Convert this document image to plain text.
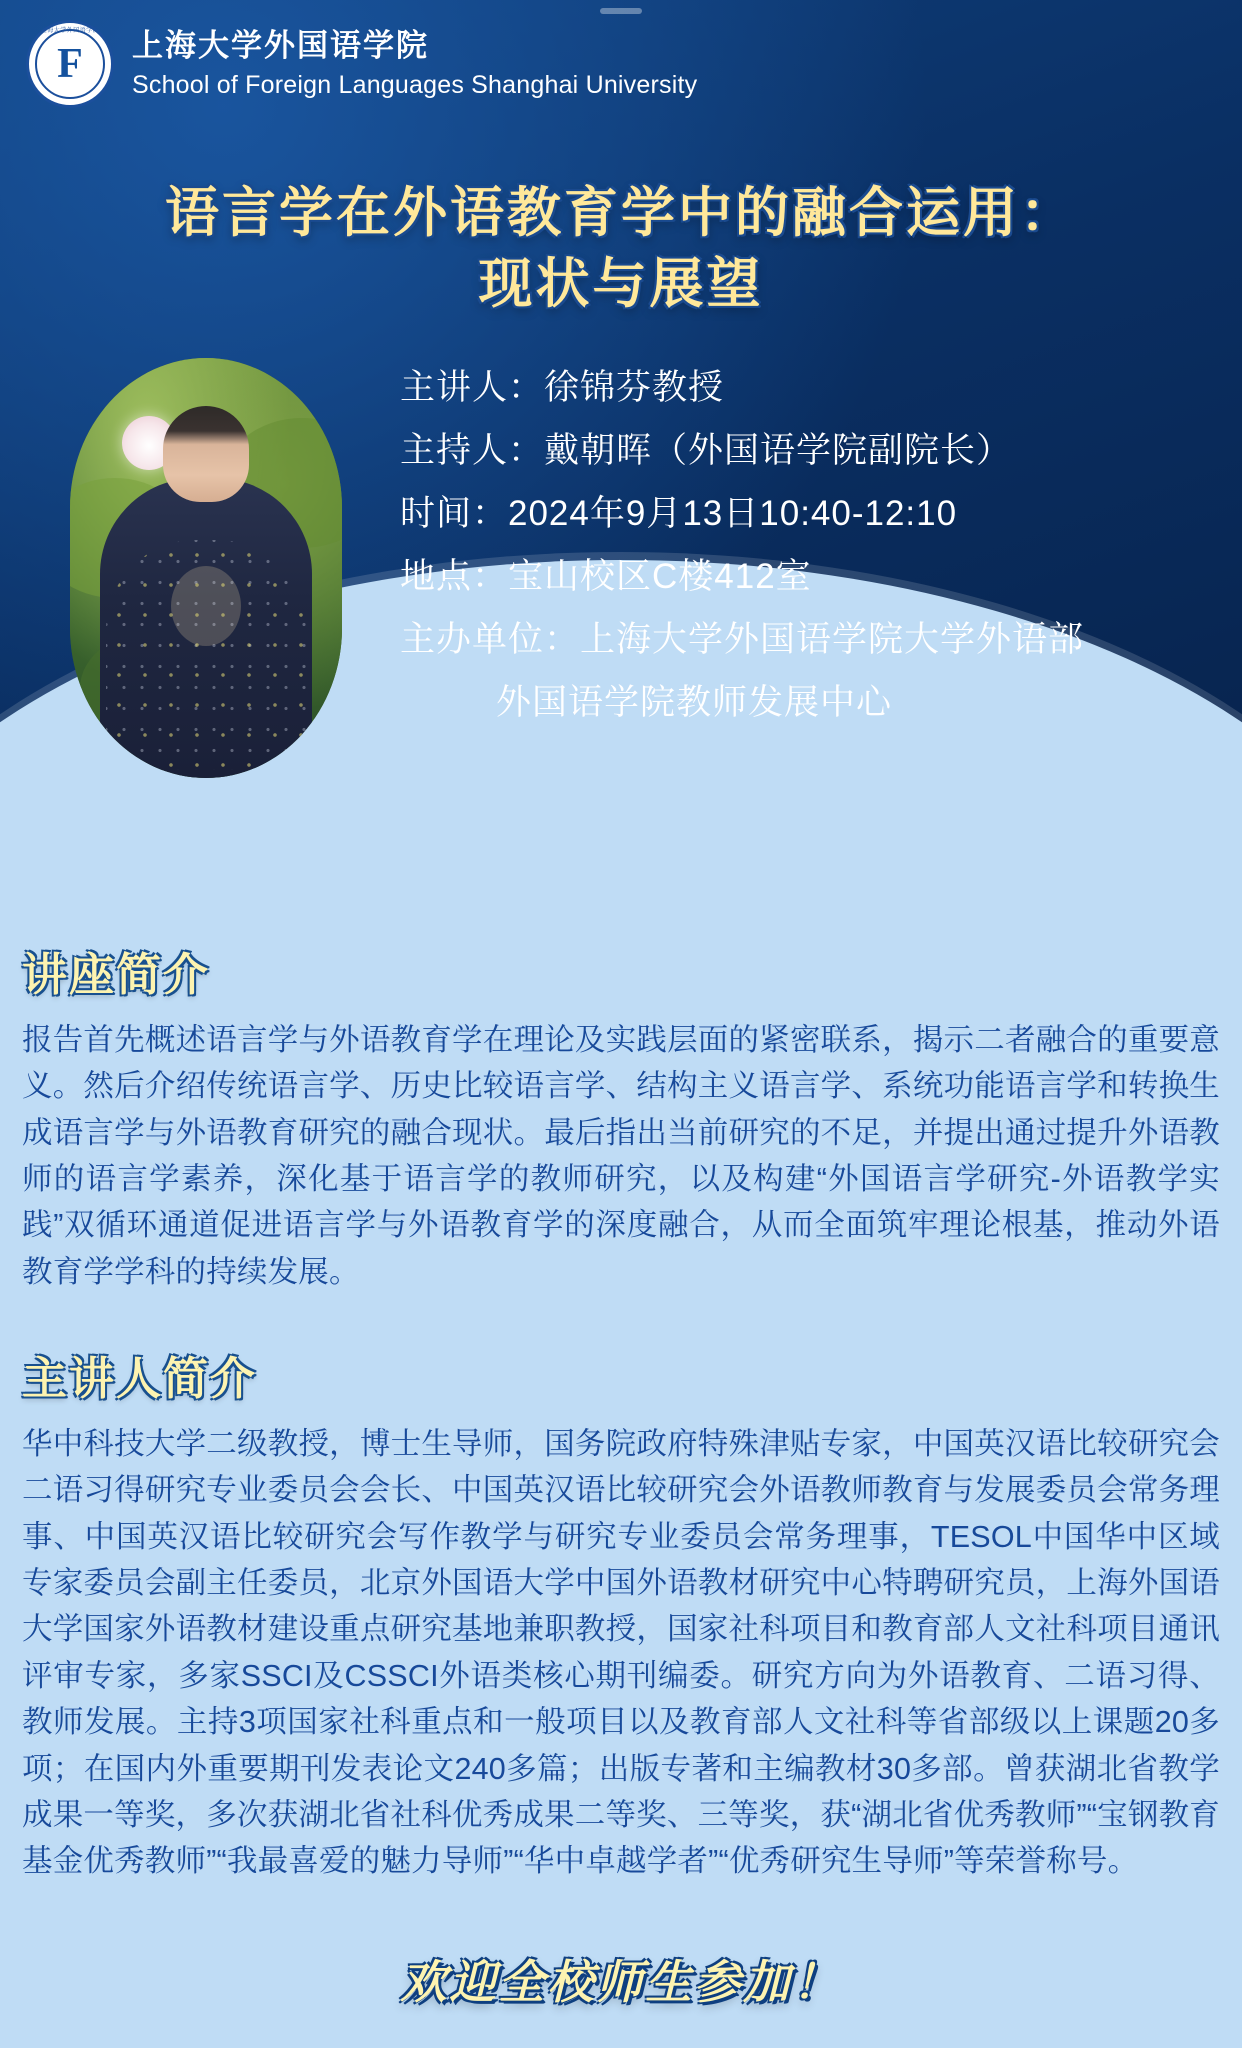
上海大学外国语学院
F	上海大学外国语学院
School of Foreign Languages Shanghai University
语言学在外语教育学中的融合运用：
现状与展望
主讲人：徐锦芬教授
主持人：戴朝晖（外国语学院副院长）
时间：2024年9月13日10:40-12:10
地点：宝山校区C楼412室
主办单位：上海大学外国语学院大学外语部
外国语学院教师发展中心
讲座简介
报告首先概述语言学与外语教育学在理论及实践层面的紧密联系，揭示二者融合的重要意义。然后介绍传统语言学、历史比较语言学、结构主义语言学、系统功能语言学和转换生成语言学与外语教育研究的融合现状。最后指出当前研究的不足，并提出通过提升外语教师的语言学素养，深化基于语言学的教师研究，以及构建“外国语言学研究-外语教学实践”双循环通道促进语言学与外语教育学的深度融合，从而全面筑牢理论根基，推动外语教育学学科的持续发展。
主讲人简介
华中科技大学二级教授，博士生导师，国务院政府特殊津贴专家，中国英汉语比较研究会二语习得研究专业委员会会长、中国英汉语比较研究会外语教师教育与发展委员会常务理事、中国英汉语比较研究会写作教学与研究专业委员会常务理事，TESOL中国华中区域专家委员会副主任委员，北京外国语大学中国外语教材研究中心特聘研究员，上海外国语大学国家外语教材建设重点研究基地兼职教授，国家社科项目和教育部人文社科项目通讯评审专家，多家SSCI及CSSCI外语类核心期刊编委。研究方向为外语教育、二语习得、教师发展。主持3项国家社科重点和一般项目以及教育部人文社科等省部级以上课题20多项；在国内外重要期刊发表论文240多篇；出版专著和主编教材30多部。曾获湖北省教学成果一等奖，多次获湖北省社科优秀成果二等奖、三等奖，获“湖北省优秀教师”“宝钢教育基金优秀教师”“我最喜爱的魅力导师”“华中卓越学者”“优秀研究生导师”等荣誉称号。
欢迎全校师生参加！
